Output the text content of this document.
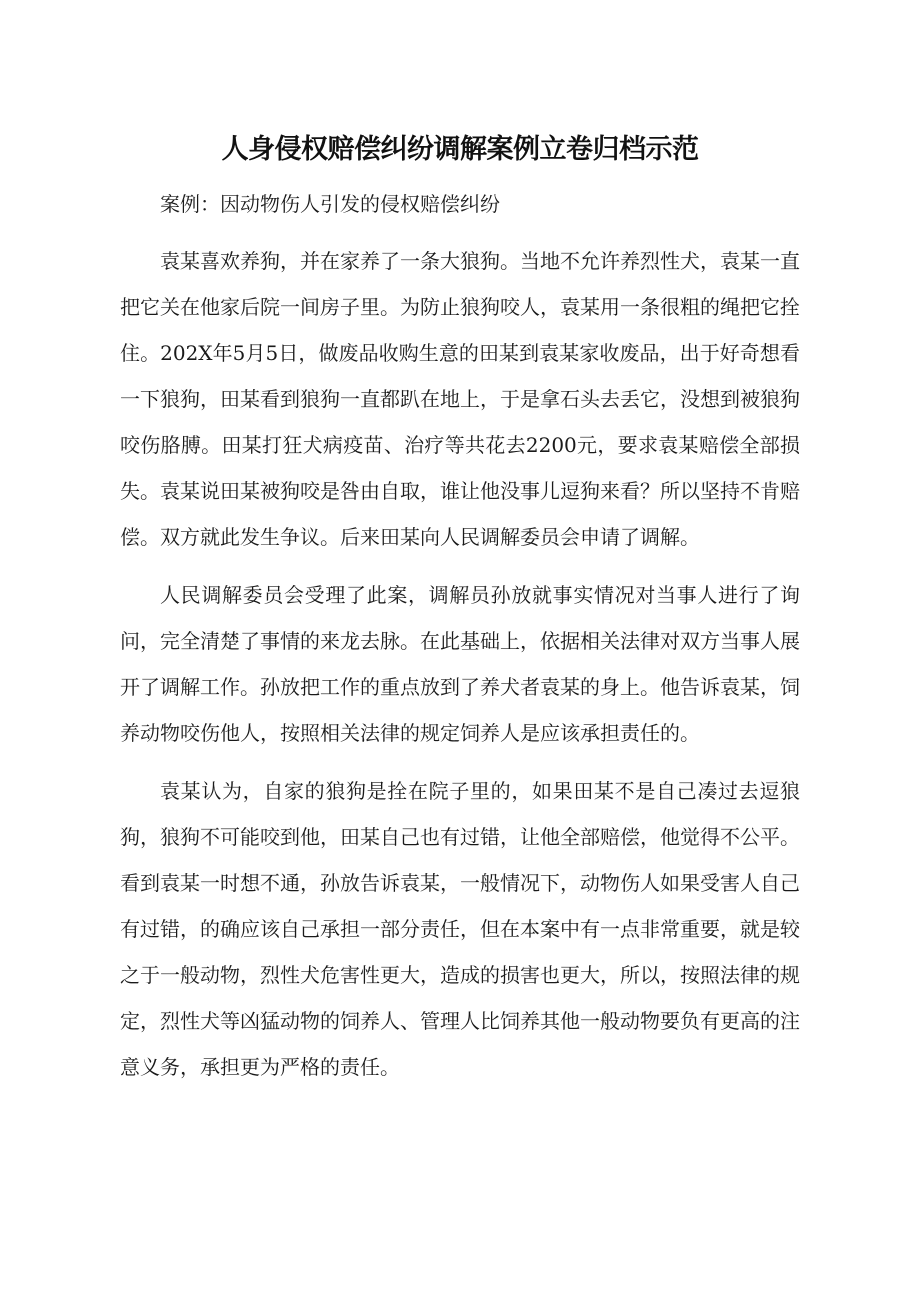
人身侵权赔偿纠纷调解案例立卷归档示范

案例：因动物伤人引发的侵权赔偿纠纷

袁某喜欢养狗，并在家养了一条大狼狗。当地不允许养烈性犬，袁某一直把它关在他家后院一间房子里。为防止狼狗咬人，袁某用一条很粗的绳把它拴住。202X年5月5日，做废品收购生意的田某到袁某家收废品，出于好奇想看一下狼狗，田某看到狼狗一直都趴在地上，于是拿石头去丢它，没想到被狼狗咬伤胳膊。田某打狂犬病疫苗、治疗等共花去2200元，要求袁某赔偿全部损失。袁某说田某被狗咬是咎由自取，谁让他没事儿逗狗来看？所以坚持不肯赔偿。双方就此发生争议。后来田某向人民调解委员会申请了调解。

人民调解委员会受理了此案，调解员孙放就事实情况对当事人进行了询问，完全清楚了事情的来龙去脉。在此基础上，依据相关法律对双方当事人展开了调解工作。孙放把工作的重点放到了养犬者袁某的身上。他告诉袁某，饲养动物咬伤他人，按照相关法律的规定饲养人是应该承担责任的。

袁某认为，自家的狼狗是拴在院子里的，如果田某不是自己凑过去逗狼狗，狼狗不可能咬到他，田某自己也有过错，让他全部赔偿，他觉得不公平。看到袁某一时想不通，孙放告诉袁某，一般情况下，动物伤人如果受害人自己有过错，的确应该自己承担一部分责任，但在本案中有一点非常重要，就是较之于一般动物，烈性犬危害性更大，造成的损害也更大，所以，按照法律的规定，烈性犬等凶猛动物的饲养人、管理人比饲养其他一般动物要负有更高的注意义务，承担更为严格的责任。
